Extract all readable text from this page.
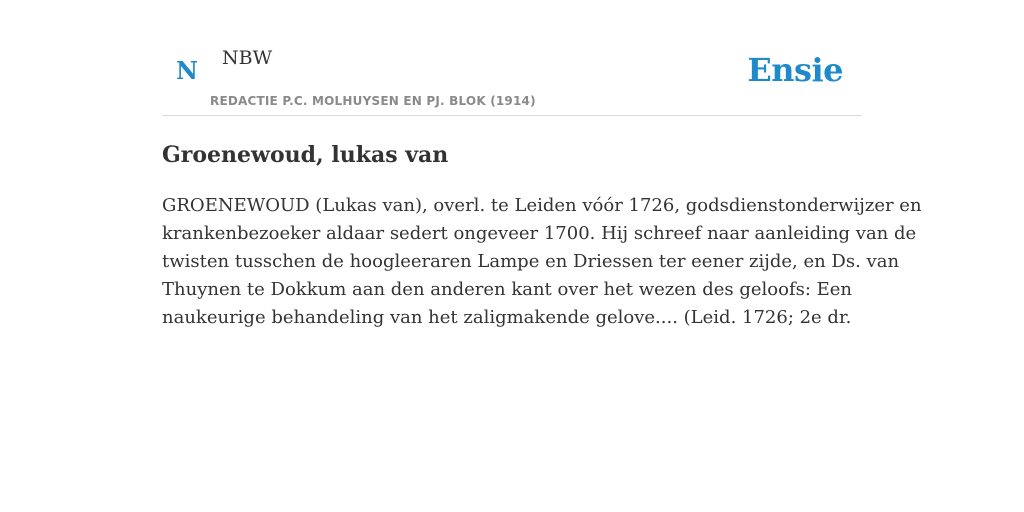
N NBW
REDACTIE P.C. MOLHUYSEN EN PJ. BLOK (1914)
Ensie
Groenewoud, lukas van
GROENEWOUD (Lukas van), overl. te Leiden vóór 1726, godsdienstonderwijzer en
krankenbezoeker aldaar sedert ongeveer 1700. Hij schreef naar aanleiding van de
twisten tusschen de hoogleeraren Lampe en Driessen ter eener zijde, en Ds. van
Thuynen te Dokkum aan den anderen kant over het wezen des geloofs: Een
naukeurige behandeling van het zaligmakende gelove.... (Leid. 1726; 2e dr.
